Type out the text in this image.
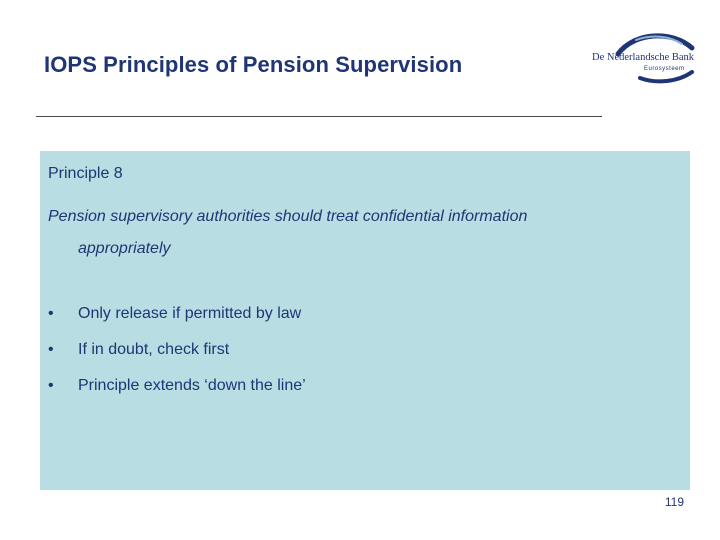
IOPS Principles of Pension Supervision	De Nederlandsche Bank
Eurosysteem
Principle 8
Pension supervisory authorities should treat confidential information
appropriately
•	Only release if permitted by law
•	If in doubt, check first
•	Principle extends ‘down the line’
119
